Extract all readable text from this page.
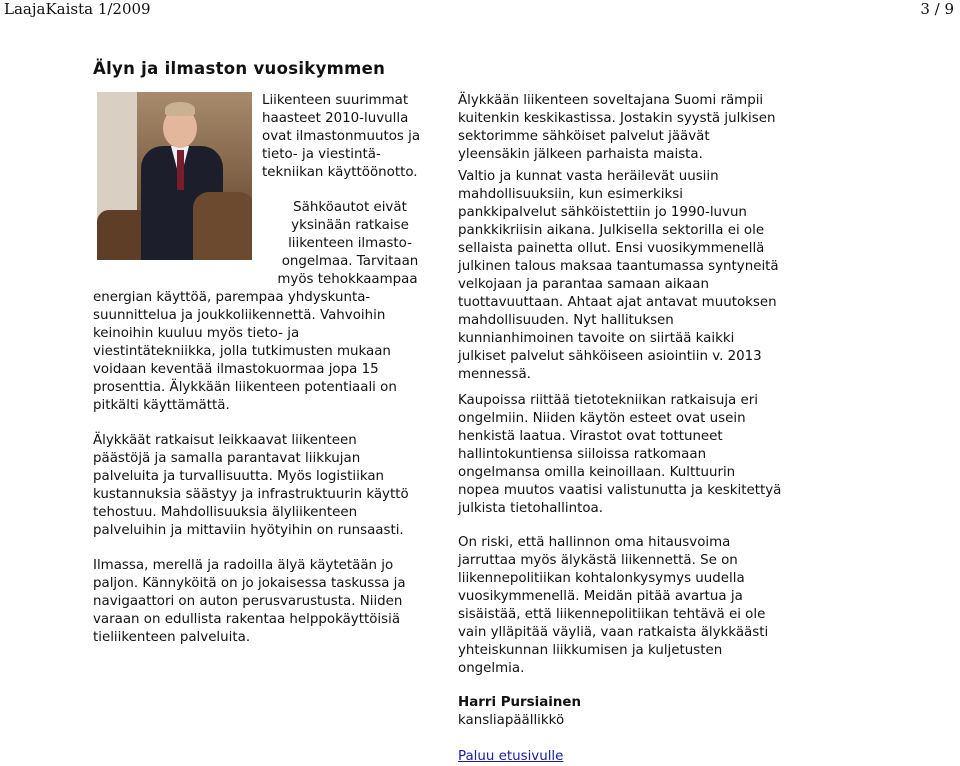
LaajaKaista 1/2009	3 / 9
Älyn ja ilmaston vuosikymmen

Liikenteen suurimmat
haasteet 2010-luvulla
ovat ilmastonmuutos ja
tieto- ja viestintä-
tekniikan käyttöönotto.

Sähköautot eivät
yksinään ratkaise
liikenteen ilmasto-
ongelmaa. Tarvitaan
myös tehokkaampaa
energian käyttöä, parempaa yhdyskunta-
suunnittelua ja joukkoliikennettä. Vahvoihin
keinoihin kuuluu myös tieto- ja
viestintätekniikka, jolla tutkimusten mukaan
voidaan keventää ilmastokuormaa jopa 15
prosenttia. Älykkään liikenteen potentiaali on
pitkälti käyttämättä.

Älykkäät ratkaisut leikkaavat liikenteen
päästöjä ja samalla parantavat liikkujan
palveluita ja turvallisuutta. Myös logistiikan
kustannuksia säästyy ja infrastruktuurin käyttö
tehostuu. Mahdollisuuksia älyliikenteen
palveluihin ja mittaviin hyötyihin on runsaasti.

Ilmassa, merellä ja radoilla älyä käytetään jo
paljon. Kännyköitä on jo jokaisessa taskussa ja
navigaattori on auton perusvarustusta. Niiden
varaan on edullista rakentaa helppokäyttöisiä
tieliikenteen palveluita.

Älykkään liikenteen soveltajana Suomi rämpii
kuitenkin keskikastissa. Jostakin syystä julkisen
sektorimme sähköiset palvelut jäävät
yleensäkin jälkeen parhaista maista.

Valtio ja kunnat vasta heräilevät uusiin
mahdollisuuksiin, kun esimerkiksi
pankkipalvelut sähköistettiin jo 1990-luvun
pankkikriisin aikana. Julkisella sektorilla ei ole
sellaista painetta ollut. Ensi vuosikymmenellä
julkinen talous maksaa taantumassa syntyneitä
velkojaan ja parantaa samaan aikaan
tuottavuuttaan. Ahtaat ajat antavat muutoksen
mahdollisuuden. Nyt hallituksen
kunnianhimoinen tavoite on siirtää kaikki
julkiset palvelut sähköiseen asiointiin v. 2013
mennessä.

Kaupoissa riittää tietotekniikan ratkaisuja eri
ongelmiin. Niiden käytön esteet ovat usein
henkistä laatua. Virastot ovat tottuneet
hallintokuntiensa siiloissa ratkomaan
ongelmansa omilla keinoillaan. Kulttuurin
nopea muutos vaatisi valistunutta ja keskitettyä
julkista tietohallintoa.

On riski, että hallinnon oma hitausvoima
jarruttaa myös älykästä liikennettä. Se on
liikennepolitiikan kohtalonkysymys uudella
vuosikymmenellä. Meidän pitää avartua ja
sisäistää, että liikennepolitiikan tehtävä ei ole
vain ylläpitää väyliä, vaan ratkaista älykkäästi
yhteiskunnan liikkumisen ja kuljetusten
ongelmia.

Harri Pursiainen
kansliapäällikkö

Paluu etusivulle
